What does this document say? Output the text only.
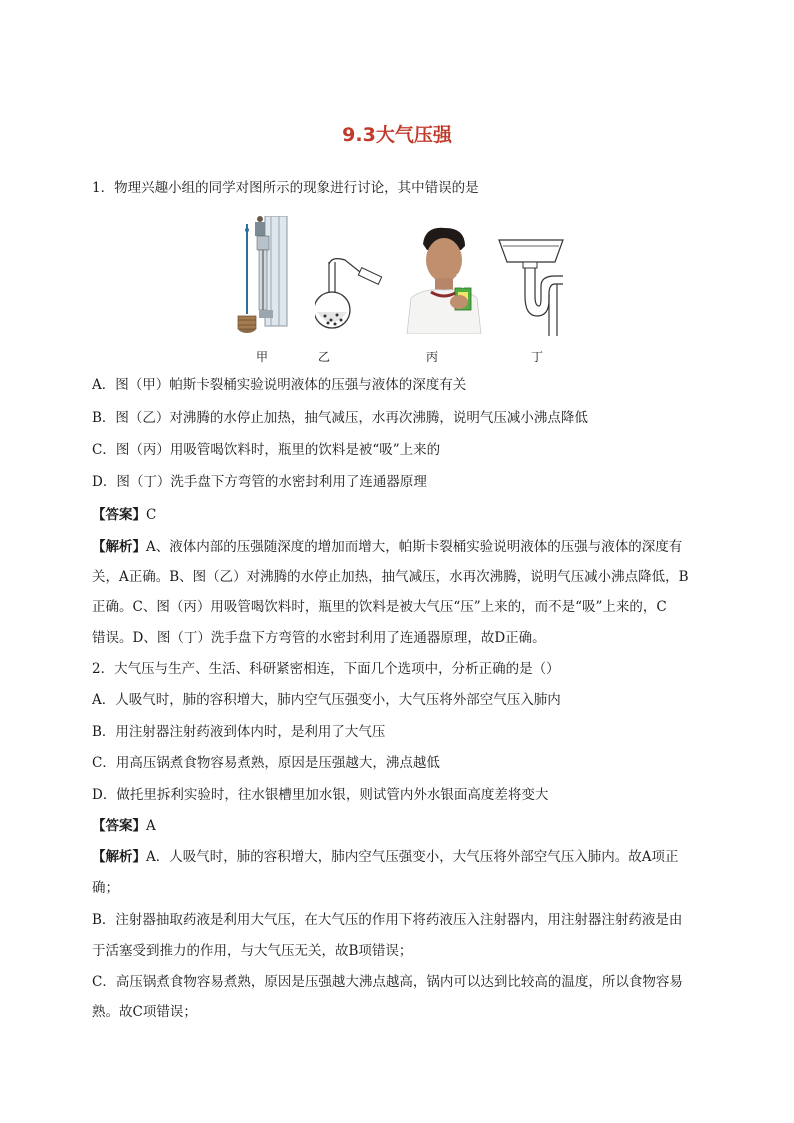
9.3大气压强
1．物理兴趣小组的同学对图所示的现象进行讨论，其中错误的是
甲	乙	丙	丁
A．图（甲）帕斯卡裂桶实验说明液体的压强与液体的深度有关
B．图（乙）对沸腾的水停止加热，抽气减压，水再次沸腾，说明气压减小沸点降低
C．图（丙）用吸管喝饮料时，瓶里的饮料是被“吸”上来的
D．图（丁）洗手盘下方弯管的水密封利用了连通器原理
【答案】C
【解析】A、液体内部的压强随深度的增加而增大，帕斯卡裂桶实验说明液体的压强与液体的深度有
关，A正确。B、图（乙）对沸腾的水停止加热，抽气减压，水再次沸腾，说明气压减小沸点降低，B
正确。C、图（丙）用吸管喝饮料时，瓶里的饮料是被大气压“压”上来的，而不是“吸”上来的，C
错误。D、图（丁）洗手盘下方弯管的水密封利用了连通器原理，故D正确。
2．大气压与生产、生活、科研紧密相连，下面几个选项中，分析正确的是（）
A．人吸气时，肺的容积增大，肺内空气压强变小，大气压将外部空气压入肺内
B．用注射器注射药液到体内时，是利用了大气压
C．用高压锅煮食物容易煮熟，原因是压强越大，沸点越低
D．做托里拆利实验时，往水银槽里加水银，则试管内外水银面高度差将变大
【答案】A
【解析】A．人吸气时，肺的容积增大，肺内空气压强变小，大气压将外部空气压入肺内。故A项正
确；
B．注射器抽取药液是利用大气压，在大气压的作用下将药液压入注射器内，用注射器注射药液是由
于活塞受到推力的作用，与大气压无关，故B项错误；
C．高压锅煮食物容易煮熟，原因是压强越大沸点越高，锅内可以达到比较高的温度，所以食物容易
熟。故C项错误；
